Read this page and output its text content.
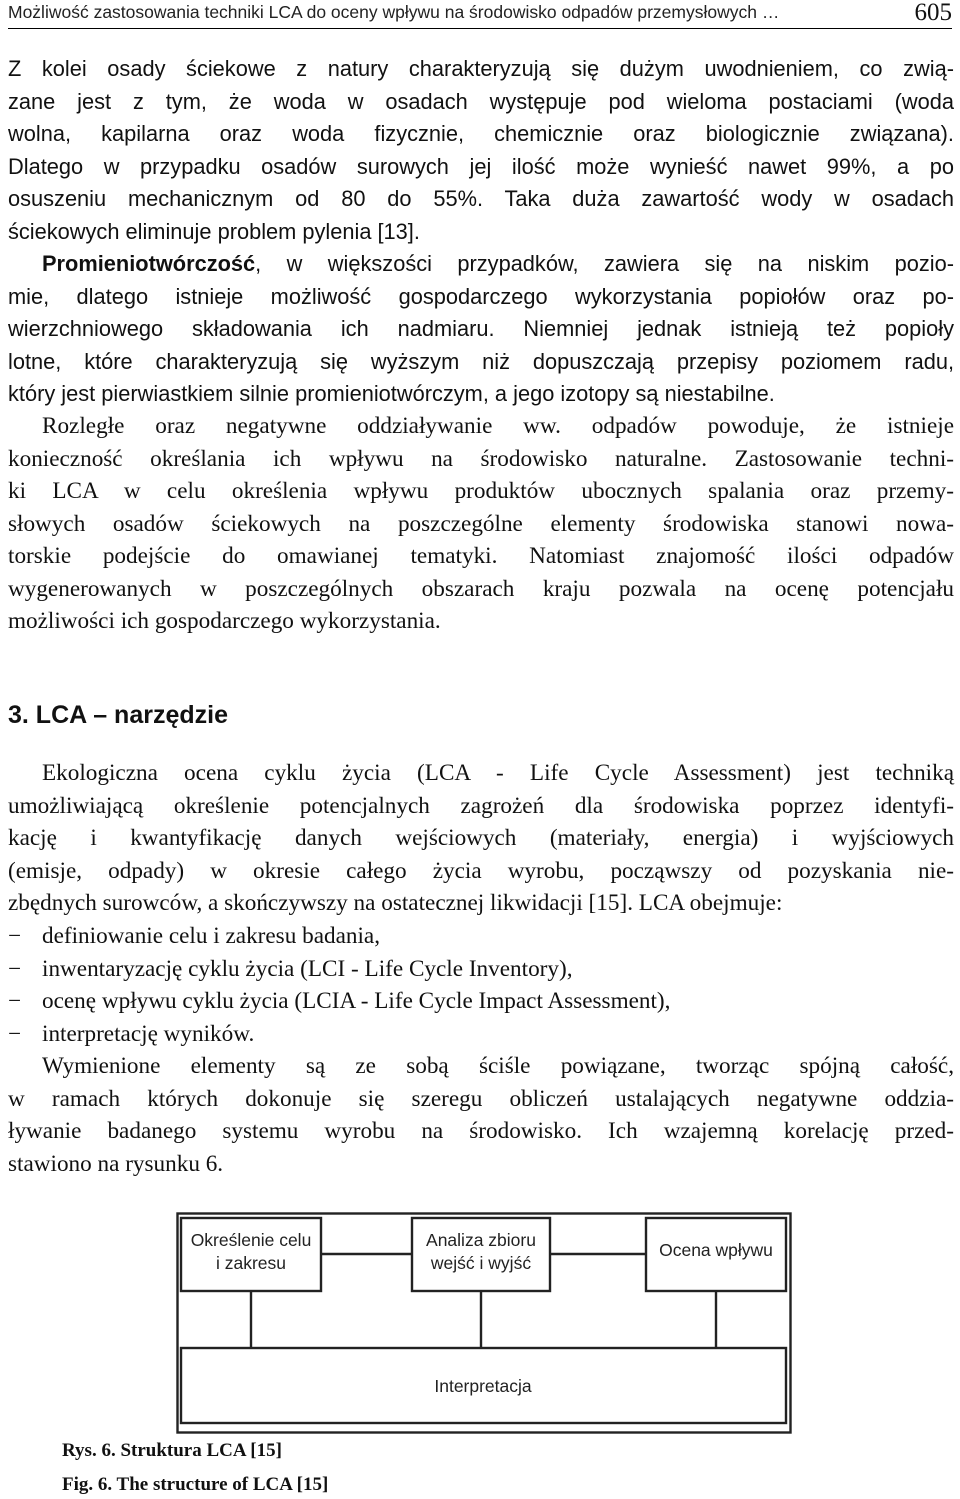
Możliwość zastosowania techniki LCA do oceny wpływu na środowisko odpadów przemysłowych …	605

Z kolei osady ściekowe z natury charakteryzują się dużym uwodnieniem, co zwią-

zane jest z tym, że woda w osadach występuje pod wieloma postaciami (woda

wolna, kapilarna oraz woda fizycznie, chemicznie oraz biologicznie związana).

Dlatego w przypadku osadów surowych jej ilość może wynieść nawet 99%, a po

osuszeniu mechanicznym od 80 do 55%. Taka duża zawartość wody w osadach

ściekowych eliminuje problem pylenia [13].

Promieniotwórczość, w większości przypadków, zawiera się na niskim pozio-

mie, dlatego istnieje możliwość gospodarczego wykorzystania popiołów oraz po-

wierzchniowego składowania ich nadmiaru. Niemniej jednak istnieją też popioły

lotne, które charakteryzują się wyższym niż dopuszczają przepisy poziomem radu,

który jest pierwiastkiem silnie promieniotwórczym, a jego izotopy są niestabilne.

Rozległe oraz negatywne oddziaływanie ww. odpadów powoduje, że istnieje

konieczność określania ich wpływu na środowisko naturalne. Zastosowanie techni-

ki LCA w celu określenia wpływu produktów ubocznych spalania oraz przemy-

słowych osadów ściekowych na poszczególne elementy środowiska stanowi nowa-

torskie podejście do omawianej tematyki. Natomiast znajomość ilości odpadów

wygenerowanych w poszczególnych obszarach kraju pozwala na ocenę potencjału

możliwości ich gospodarczego wykorzystania.

3. LCA – narzędzie

Ekologiczna ocena cyklu życia (LCA - Life Cycle Assessment) jest techniką

umożliwiającą określenie potencjalnych zagrożeń dla środowiska poprzez identyfi-

kację i kwantyfikację danych wejściowych (materiały, energia) i wyjściowych

(emisje, odpady) w okresie całego życia wyrobu, począwszy od pozyskania nie-

zbędnych surowców, a skończywszy na ostatecznej likwidacji [15]. LCA obejmuje:

− definiowanie celu i zakresu badania,
− inwentaryzację cyklu życia (LCI - Life Cycle Inventory),
− ocenę wpływu cyklu życia (LCIA - Life Cycle Impact Assessment),
− interpretację wyników.

Wymienione elementy są ze sobą ściśle powiązane, tworząc spójną całość,

w ramach których dokonuje się szeregu obliczeń ustalających negatywne oddzia-

ływanie badanego systemu wyrobu na środowisko. Ich wzajemną korelację przed-

stawiono na rysunku 6.

Określenie celu
i zakresu
Analiza zbioru
wejść i wyjść
Ocena wpływu
Interpretacja

Rys. 6. Struktura LCA [15]

Fig. 6. The structure of LCA [15]
